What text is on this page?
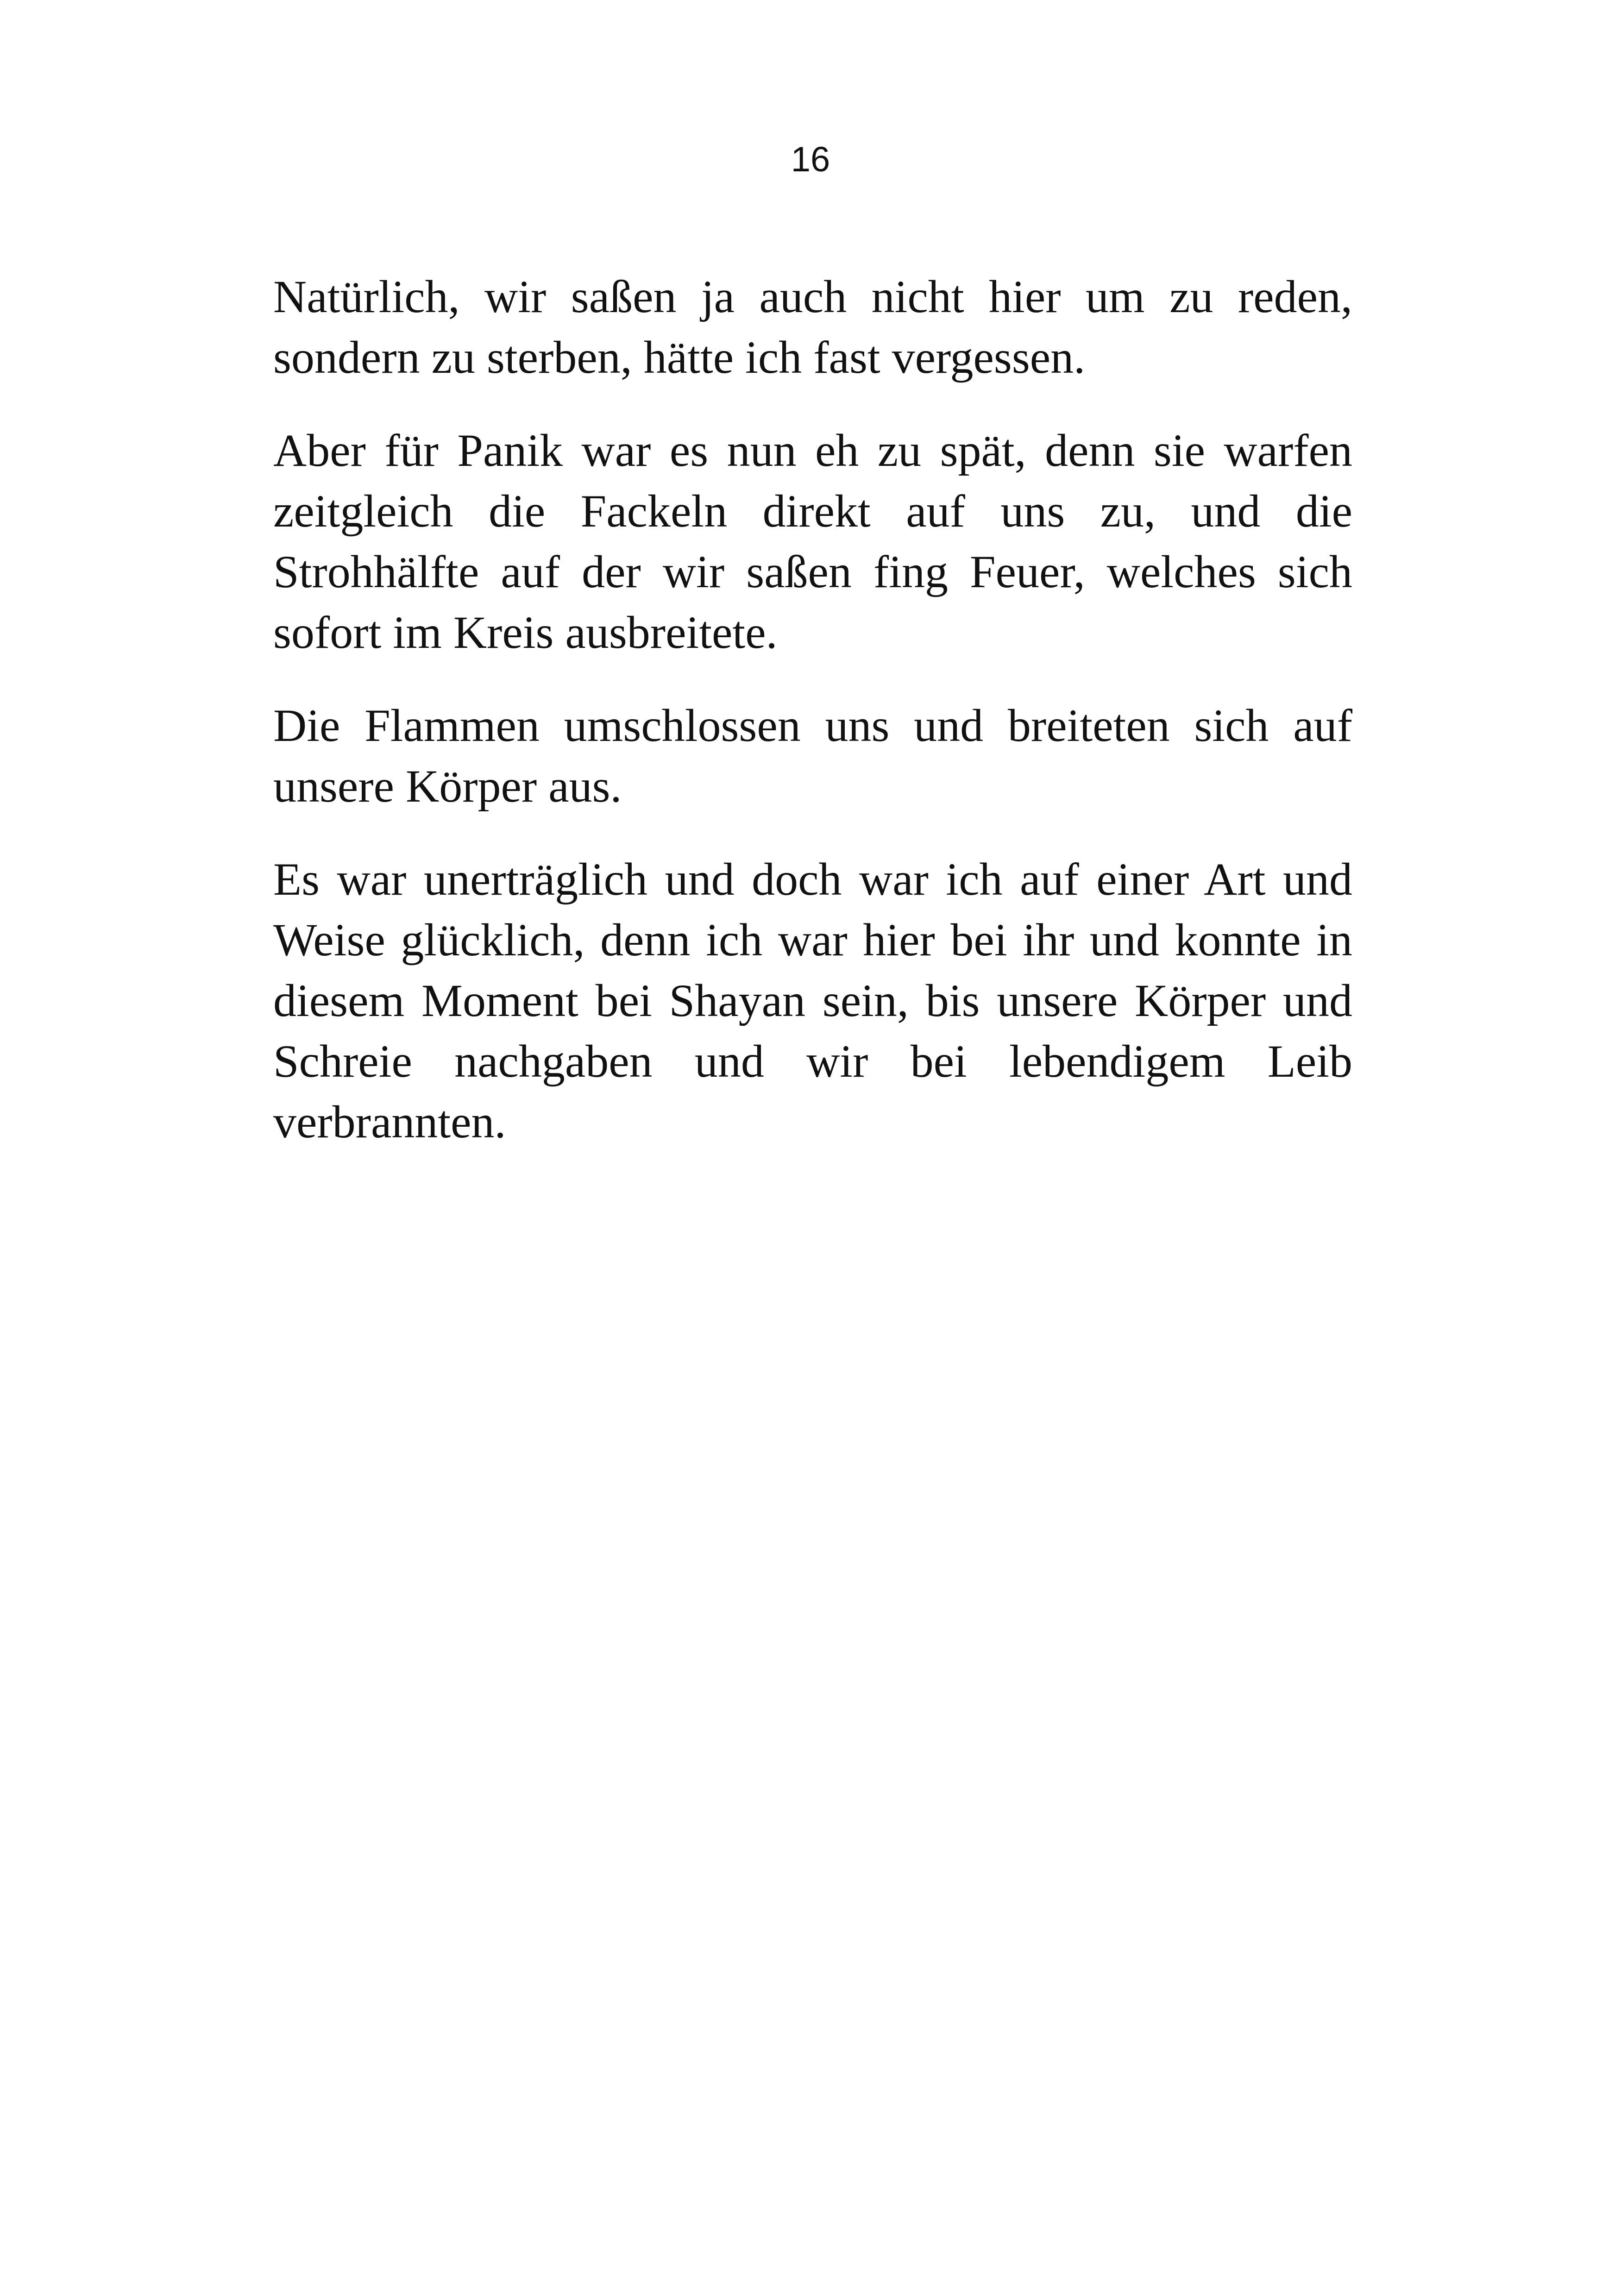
16

Natürlich, wir saßen ja auch nicht hier um zu reden, sondern zu sterben, hätte ich fast vergessen.

Aber für Panik war es nun eh zu spät, denn sie warfen zeitgleich die Fackeln direkt auf uns zu, und die Strohhälfte auf der wir saßen fing Feuer, welches sich sofort im Kreis ausbreitete.

Die Flammen umschlossen uns und breiteten sich auf unsere Körper aus.

Es war unerträglich und doch war ich auf einer Art und Weise glücklich, denn ich war hier bei ihr und konnte in diesem Moment bei Shayan sein, bis unsere Körper und Schreie nachgaben und wir bei lebendigem Leib verbrannten.
